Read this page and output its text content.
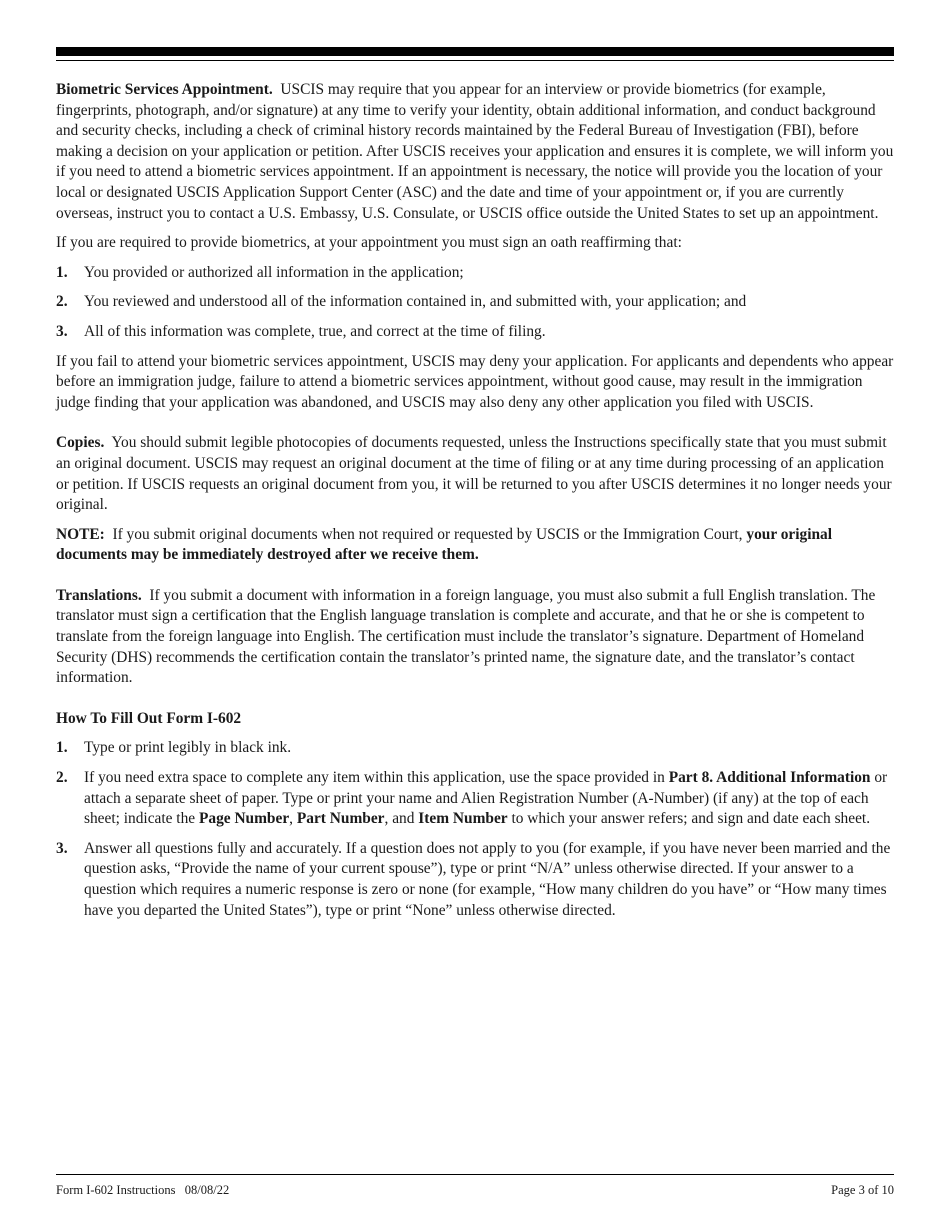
Biometric Services Appointment. USCIS may require that you appear for an interview or provide biometrics (for example, fingerprints, photograph, and/or signature) at any time to verify your identity, obtain additional information, and conduct background and security checks, including a check of criminal history records maintained by the Federal Bureau of Investigation (FBI), before making a decision on your application or petition. After USCIS receives your application and ensures it is complete, we will inform you if you need to attend a biometric services appointment. If an appointment is necessary, the notice will provide you the location of your local or designated USCIS Application Support Center (ASC) and the date and time of your appointment or, if you are currently overseas, instruct you to contact a U.S. Embassy, U.S. Consulate, or USCIS office outside the United States to set up an appointment.

If you are required to provide biometrics, at your appointment you must sign an oath reaffirming that:

1.	You provided or authorized all information in the application;
2.	You reviewed and understood all of the information contained in, and submitted with, your application; and
3.	All of this information was complete, true, and correct at the time of filing.

If you fail to attend your biometric services appointment, USCIS may deny your application. For applicants and dependents who appear before an immigration judge, failure to attend a biometric services appointment, without good cause, may result in the immigration judge finding that your application was abandoned, and USCIS may also deny any other application you filed with USCIS.

Copies. You should submit legible photocopies of documents requested, unless the Instructions specifically state that you must submit an original document. USCIS may request an original document at the time of filing or at any time during processing of an application or petition. If USCIS requests an original document from you, it will be returned to you after USCIS determines it no longer needs your original.

NOTE: If you submit original documents when not required or requested by USCIS or the Immigration Court, your original documents may be immediately destroyed after we receive them.

Translations. If you submit a document with information in a foreign language, you must also submit a full English translation. The translator must sign a certification that the English language translation is complete and accurate, and that he or she is competent to translate from the foreign language into English. The certification must include the translator’s signature. Department of Homeland Security (DHS) recommends the certification contain the translator’s printed name, the signature date, and the translator’s contact information.

How To Fill Out Form I-602
1.	Type or print legibly in black ink.
2.	If you need extra space to complete any item within this application, use the space provided in Part 8. Additional Information or attach a separate sheet of paper. Type or print your name and Alien Registration Number (A-Number) (if any) at the top of each sheet; indicate the Page Number, Part Number, and Item Number to which your answer refers; and sign and date each sheet.
3.	Answer all questions fully and accurately. If a question does not apply to you (for example, if you have never been married and the question asks, “Provide the name of your current spouse”), type or print “N/A” unless otherwise directed. If your answer to a question which requires a numeric response is zero or none (for example, “How many children do you have” or “How many times have you departed the United States”), type or print “None” unless otherwise directed.
Form I-602 Instructions   08/08/22	Page 3 of 10
